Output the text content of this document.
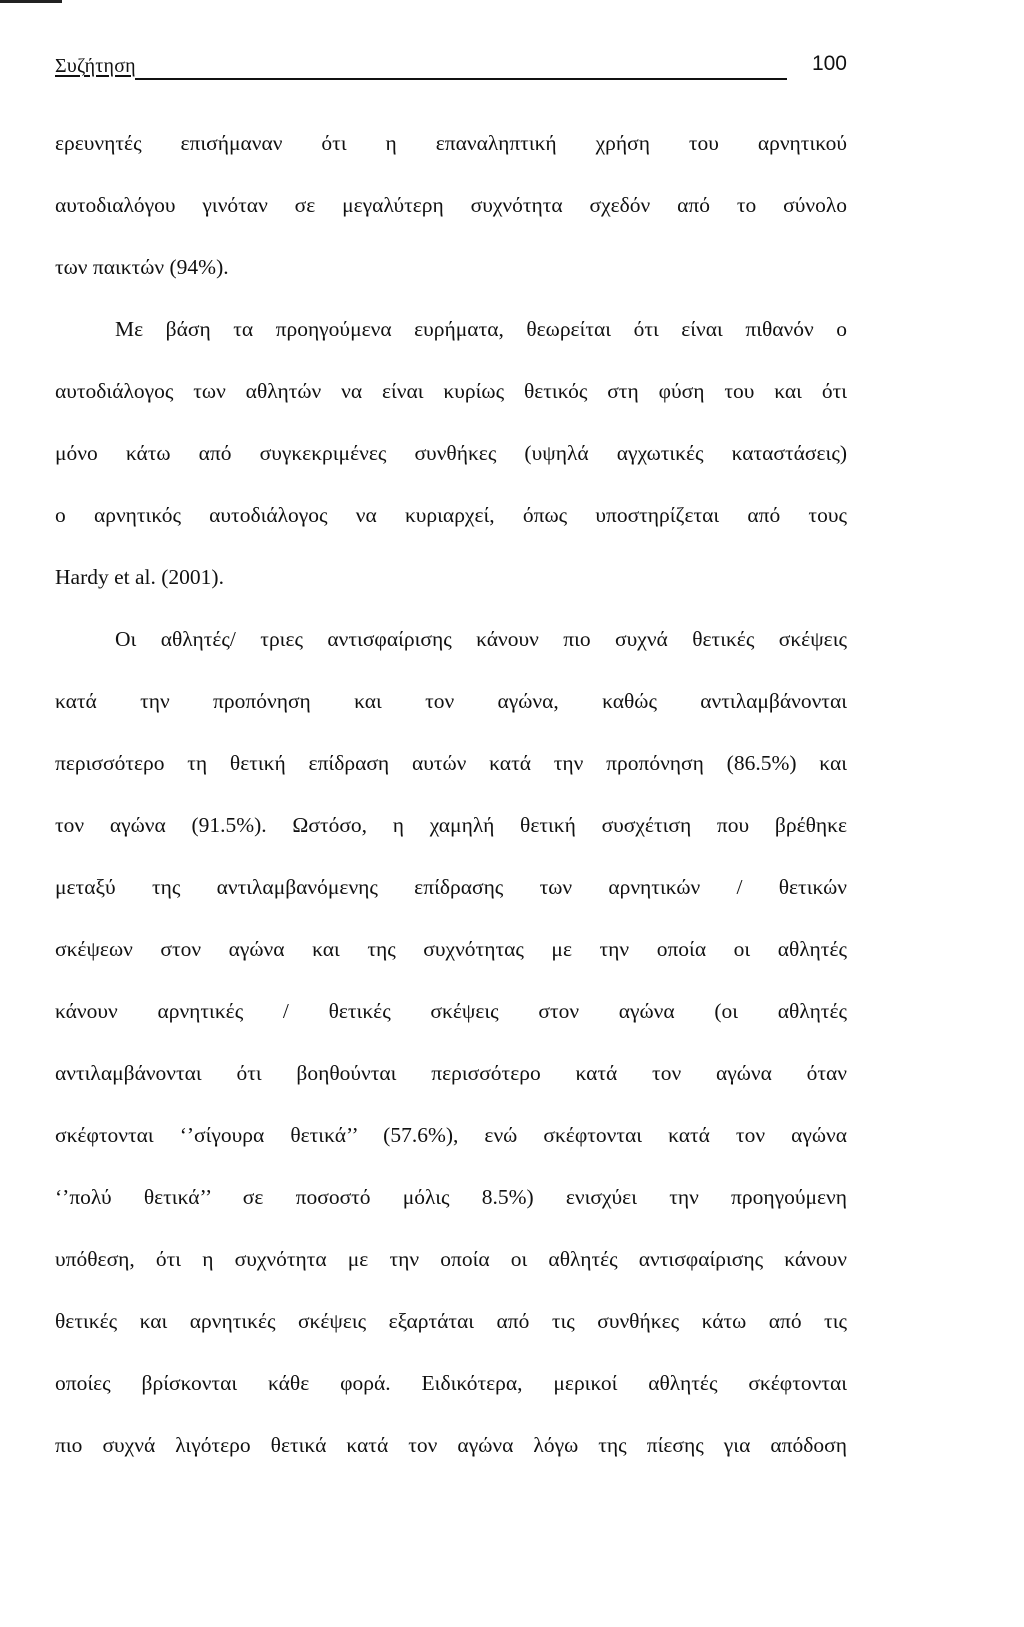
Συζήτηση	100
ερευνητές επισήμαναν ότι η επαναληπτική χρήση του αρνητικού
αυτοδιαλόγου γινόταν σε μεγαλύτερη συχνότητα σχεδόν από το σύνολο
των παικτών (94%).
Με βάση τα προηγούμενα ευρήματα, θεωρείται ότι είναι πιθανόν ο
αυτοδιάλογος των αθλητών να είναι κυρίως θετικός στη φύση του και ότι
μόνο κάτω από συγκεκριμένες συνθήκες (υψηλά αγχωτικές καταστάσεις)
ο αρνητικός αυτοδιάλογος να κυριαρχεί, όπως υποστηρίζεται από τους
Hardy et al. (2001).
Οι αθλητές/ τριες αντισφαίρισης κάνουν πιο συχνά θετικές σκέψεις
κατά την προπόνηση και τον αγώνα, καθώς αντιλαμβάνονται
περισσότερο τη θετική επίδραση αυτών κατά την προπόνηση (86.5%) και
τον αγώνα (91.5%). Ωστόσο, η χαμηλή θετική συσχέτιση που βρέθηκε
μεταξύ της αντιλαμβανόμενης επίδρασης των αρνητικών / θετικών
σκέψεων στον αγώνα και της συχνότητας με την οποία οι αθλητές
κάνουν αρνητικές / θετικές σκέψεις στον αγώνα (οι αθλητές
αντιλαμβάνονται ότι βοηθούνται περισσότερο κατά τον αγώνα όταν
σκέφτονται ‘’σίγουρα θετικά’’ (57.6%), ενώ σκέφτονται κατά τον αγώνα
‘’πολύ θετικά’’ σε ποσοστό μόλις 8.5%) ενισχύει την προηγούμενη
υπόθεση, ότι η συχνότητα με την οποία οι αθλητές αντισφαίρισης κάνουν
θετικές και αρνητικές σκέψεις εξαρτάται από τις συνθήκες κάτω από τις
οποίες βρίσκονται κάθε φορά. Ειδικότερα, μερικοί αθλητές σκέφτονται
πιο συχνά λιγότερο θετικά κατά τον αγώνα λόγω της πίεσης για απόδοση
